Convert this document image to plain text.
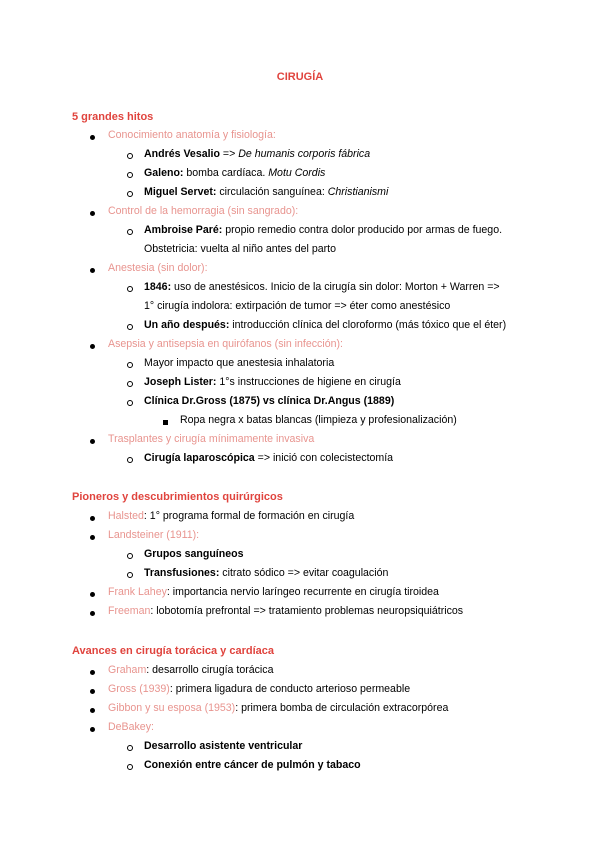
CIRUGÍA
5 grandes hitos
Conocimiento anatomía y fisiología:
Andrés Vesalio => De humanis corporis fábrica
Galeno: bomba cardíaca. Motu Cordis
Miguel Servet: circulación sanguínea: Christianismi
Control de la hemorragia (sin sangrado):
Ambroise Paré: propio remedio contra dolor producido por armas de fuego.
Obstetricia: vuelta al niño antes del parto
Anestesia (sin dolor):
1846: uso de anestésicos. Inicio de la cirugía sin dolor: Morton + Warren =>
1° cirugía indolora: extirpación de tumor => éter como anestésico
Un año después: introducción clínica del cloroformo (más tóxico que el éter)
Asepsia y antisepsia en quirófanos (sin infección):
Mayor impacto que anestesia inhalatoria
Joseph Lister: 1°s instrucciones de higiene en cirugía
Clínica Dr.Gross (1875) vs clínica Dr.Angus (1889)
Ropa negra x batas blancas (limpieza y profesionalización)
Trasplantes y cirugía mínimamente invasiva
Cirugía laparoscópica => inició con colecistectomía
Pioneros y descubrimientos quirúrgicos
Halsted: 1° programa formal de formación en cirugía
Landsteiner (1911):
Grupos sanguíneos
Transfusiones: citrato sódico => evitar coagulación
Frank Lahey: importancia nervio laríngeo recurrente en cirugía tiroidea
Freeman: lobotomía prefrontal => tratamiento problemas neuropsiquiátricos
Avances en cirugía torácica y cardíaca
Graham: desarrollo cirugía torácica
Gross (1939): primera ligadura de conducto arterioso permeable
Gibbon y su esposa (1953): primera bomba de circulación extracorpórea
DeBakey:
Desarrollo asistente ventricular
Conexión entre cáncer de pulmón y tabaco
